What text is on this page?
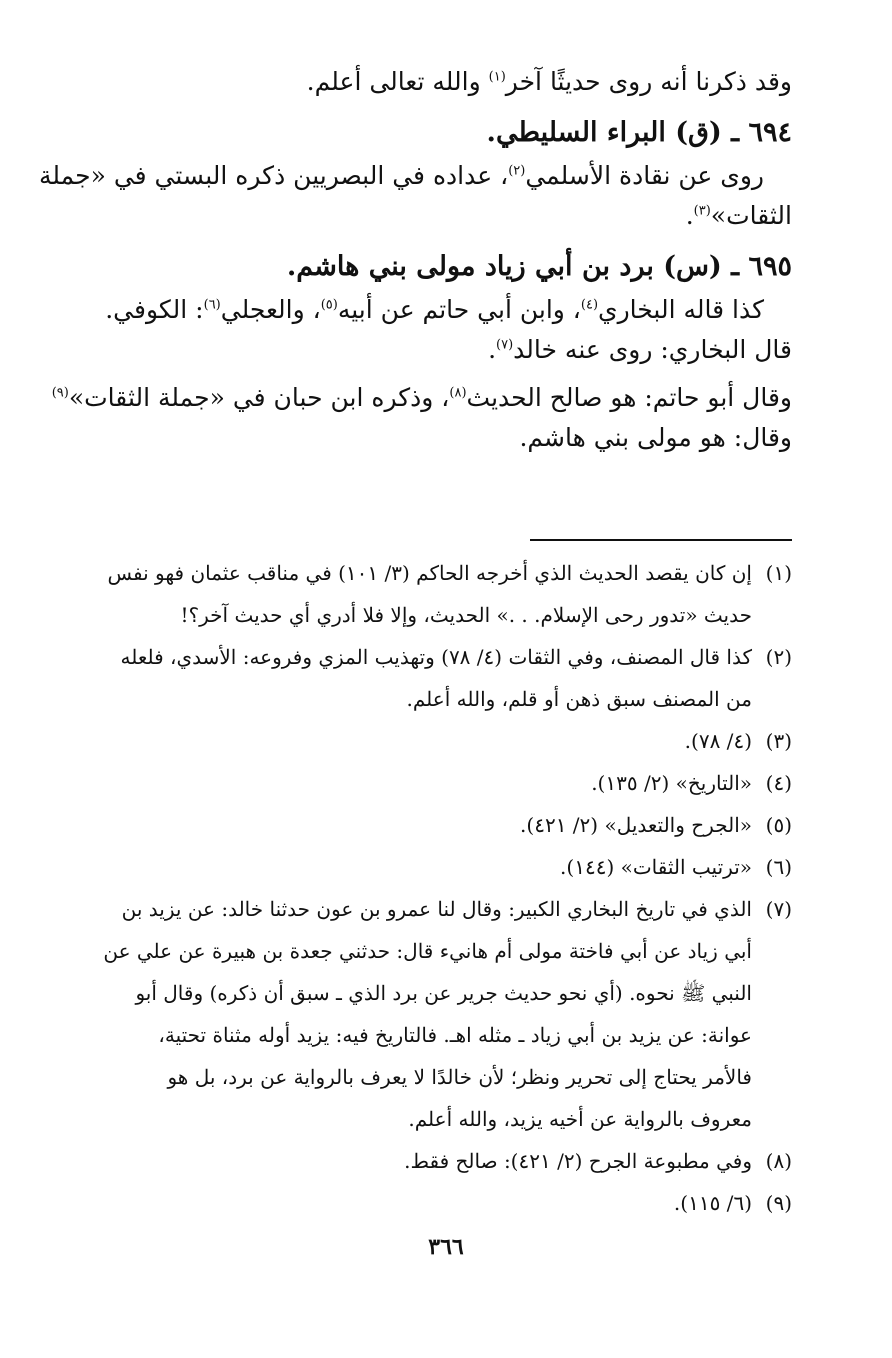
وقد ذكرنا أنه روى حديثًا آخر$^{(١)}$ والله تعالى أعلم.
٦٩٤ ـ (ق) البراء السليطي.
روى عن نقادة الأسلمي$^{(٢)}$، عداده في البصريين ذكره البستي في «جملة
الثقات»$^{(٣)}$.
٦٩٥ ـ (س) برد بن أبي زياد مولى بني هاشم.
كذا قاله البخاري$^{(٤)}$، وابن أبي حاتم عن أبيه$^{(٥)}$، والعجلي$^{(٦)}$: الكوفي.
قال البخاري: روى عنه خالد$^{(٧)}$.
وقال أبو حاتم: هو صالح الحديث$^{(٨)}$، وذكره ابن حبان في «جملة الثقات»$^{(٩)}$
وقال: هو مولى بني هاشم.
(١)إن كان يقصد الحديث الذي أخرجه الحاكم (٣/ ١٠١) في مناقب عثمان فهو نفس
حديث «تدور رحى الإسلام. . .» الحديث، وإلا فلا أدري أي حديث آخر؟!
(٢)كذا قال المصنف، وفي الثقات (٤/ ٧٨) وتهذيب المزي وفروعه: الأسدي، فلعله
من المصنف سبق ذهن أو قلم، والله أعلم.
(٣)(٤/ ٧٨).
(٤)«التاريخ» (٢/ ١٣٥).
(٥)«الجرح والتعديل» (٢/ ٤٢١).
(٦)«ترتيب الثقات» (١٤٤).
(٧)الذي في تاريخ البخاري الكبير: وقال لنا عمرو بن عون حدثنا خالد: عن يزيد بن
أبي زياد عن أبي فاختة مولى أم هانيء قال: حدثني جعدة بن هبيرة عن علي عن
النبي ﷺ نحوه. (أي نحو حديث جرير عن برد الذي ـ سبق أن ذكره) وقال أبو
عوانة: عن يزيد بن أبي زياد ـ مثله اهـ. فالتاريخ فيه: يزيد أوله مثناة تحتية،
فالأمر يحتاج إلى تحرير ونظر؛ لأن خالدًا لا يعرف بالرواية عن برد، بل هو
معروف بالرواية عن أخيه يزيد، والله أعلم.
(٨)وفي مطبوعة الجرح (٢/ ٤٢١): صالح فقط.
(٩)(٦/ ١١٥).
٣٦٦
